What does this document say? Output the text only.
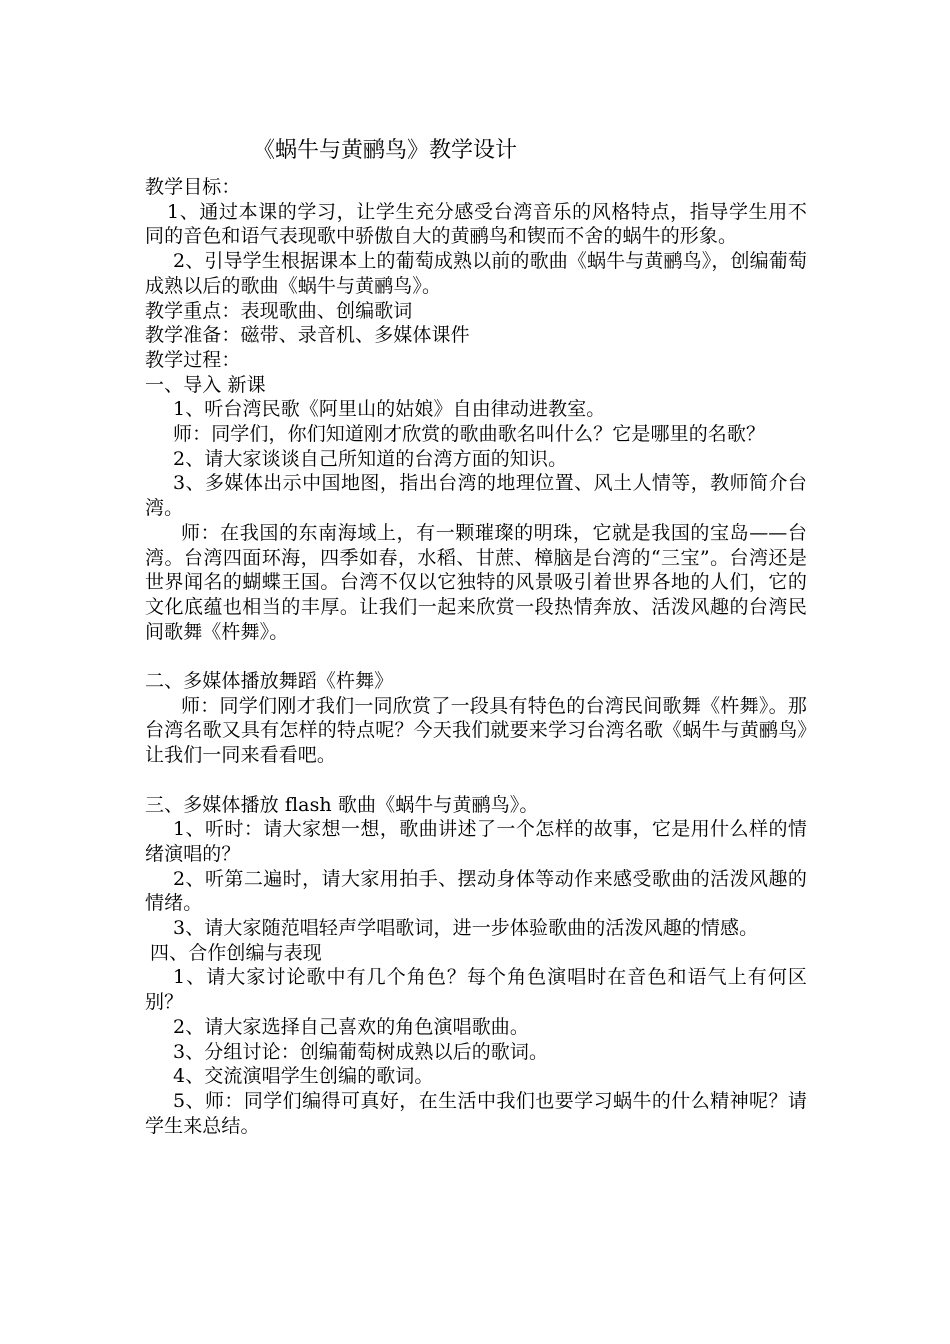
《蜗牛与黄鹂鸟》教学设计

教学目标：

1、通过本课的学习，让学生充分感受台湾音乐的风格特点，指导学生用不同的音色和语气表现歌中骄傲自大的黄鹂鸟和锲而不舍的蜗牛的形象。

2、引导学生根据课本上的葡萄成熟以前的歌曲《蜗牛与黄鹂鸟》，创编葡萄成熟以后的歌曲《蜗牛与黄鹂鸟》。

教学重点：表现歌曲、创编歌词

教学准备：磁带、录音机、多媒体课件

教学过程：

一、导入 新课

1、听台湾民歌《阿里山的姑娘》自由律动进教室。

师：同学们，你们知道刚才欣赏的歌曲歌名叫什么？它是哪里的名歌？

2、请大家谈谈自己所知道的台湾方面的知识。

3、多媒体出示中国地图，指出台湾的地理位置、风土人情等，教师简介台湾。

师：在我国的东南海域上，有一颗璀璨的明珠，它就是我国的宝岛——台湾。台湾四面环海，四季如春，水稻、甘蔗、樟脑是台湾的“三宝”。台湾还是世界闻名的蝴蝶王国。台湾不仅以它独特的风景吸引着世界各地的人们，它的文化底蕴也相当的丰厚。让我们一起来欣赏一段热情奔放、活泼风趣的台湾民间歌舞《杵舞》。

二、多媒体播放舞蹈《杵舞》

师：同学们刚才我们一同欣赏了一段具有特色的台湾民间歌舞《杵舞》。那台湾名歌又具有怎样的特点呢？今天我们就要来学习台湾名歌《蜗牛与黄鹂鸟》让我们一同来看看吧。

三、多媒体播放 flash 歌曲《蜗牛与黄鹂鸟》。

1、听时：请大家想一想，歌曲讲述了一个怎样的故事，它是用什么样的情绪演唱的？

2、听第二遍时，请大家用拍手、摆动身体等动作来感受歌曲的活泼风趣的情绪。

3、请大家随范唱轻声学唱歌词，进一步体验歌曲的活泼风趣的情感。

四、合作创编与表现

1、请大家讨论歌中有几个角色？每个角色演唱时在音色和语气上有何区别？

2、请大家选择自己喜欢的角色演唱歌曲。

3、分组讨论：创编葡萄树成熟以后的歌词。

4、交流演唱学生创编的歌词。

5、师：同学们编得可真好，在生活中我们也要学习蜗牛的什么精神呢？请学生来总结。
